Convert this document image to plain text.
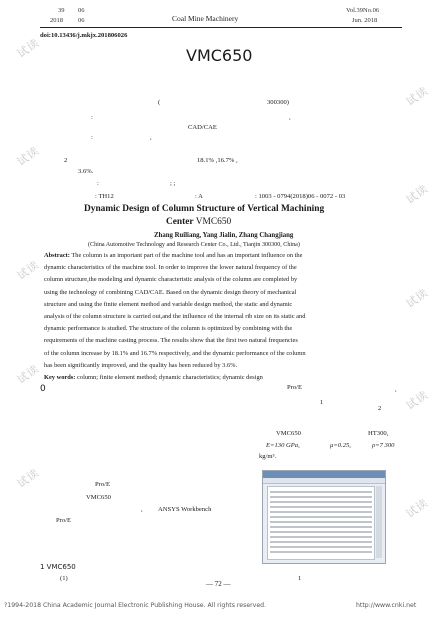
39 06
2018 06	Coal Mine Machinery
Vol.39No.06
Jun. 2018
doi:10.13436/j.mkjx.201806026
VMC650
(	300300)
:	,
CAD/CAE
:	,
2	18.1% ,16.7% ,
3.6%.
:	; ;
: TH12	: A	: 1003 - 0794(2018)06 - 0072 - 03
Dynamic Design of Column Structure of Vertical Machining
Center VMC650
Zhang Ruiliang, Yang Jialin, Zhang Changjiang
(China Automotive Technology and Research Center Co., Ltd., Tianjin 300300, China)
Abstract: The column is an important part of the machine tool and has an important influence on the
dynamic characteristics of the machine tool. In order to improve the lower natural frequency of the
column structure,the modeling and dynamic characteristic analysis of the column are completed by
using the technology of combining CAD/CAE. Based on the dynamic design theory of mechanical
structure and using the finite element method and variable design method, the static and dynamic
analysis of the column structure is carried out,and the influence of the internal rib size on its static and
dynamic performance is studied. The structure of the column is optimized by combining with the
requirements of the machine casting process. The results show that the first two natural frequencies
of the column increase by 18.1% and 16.7% respectively, and the dynamic performance of the column
has been significantly improved, and the quality has been reduced by 3.6%.
Key words: column; finite element method; dynamic characteristics; dynamic design
0	Pro/E	,
1
2
VMC650	HT300,
E=130 GPa,	μ=0.25,	ρ=7 300
kg/m³.
Pro/E
VMC650
ANSYS Workbench
,
Pro/E
1 VMC650
(1)	1
— 72 —
?1994-2018 China Academic Journal Electronic Publishing House. All rights reserved.	http://www.cnki.net
试读
试读
试读
试读
试读
试读
试读
试读
试读
试读
